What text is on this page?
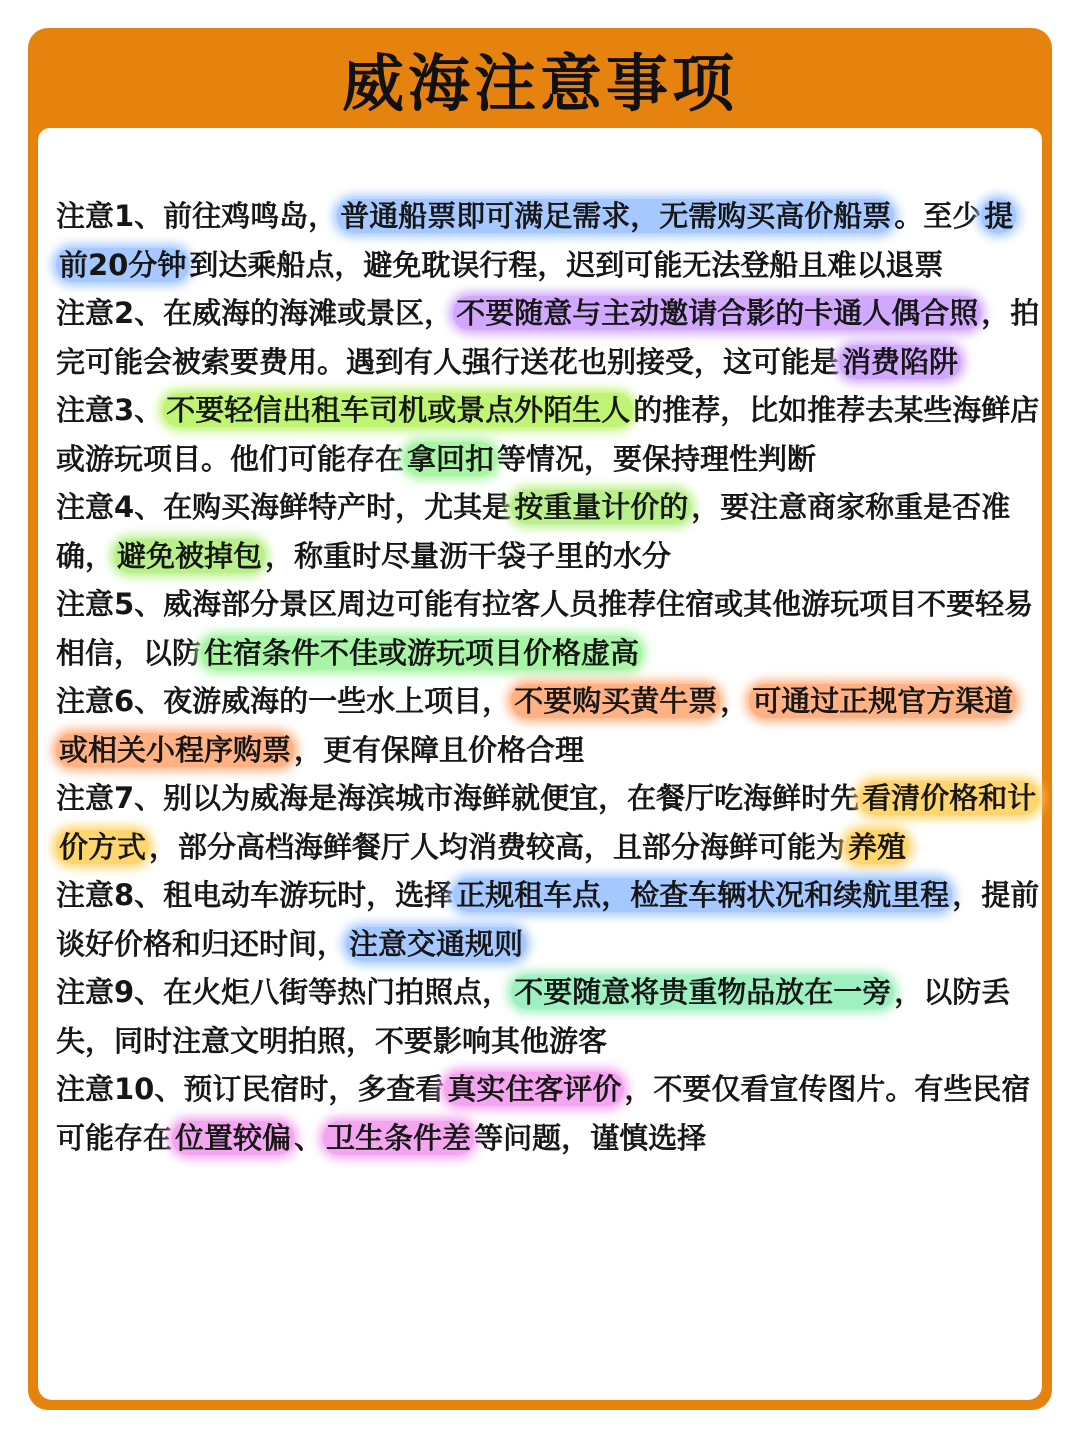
威海注意事项

注意1、前往鸡鸣岛， 普通船票即可满足需求，无需购买高价船票 。至少 提前20分钟 到达乘船点，避免耽误行程，迟到可能无法登船且难以退票

注意2、在威海的海滩或景区， 不要随意与主动邀请合影的卡通人偶合照 ，拍完可能会被索要费用。遇到有人强行送花也别接受，这可能是 消费陷阱

注意3、 不要轻信出租车司机或景点外陌生人 的推荐，比如推荐去某些海鲜店或游玩项目。他们可能存在 拿回扣 等情况，要保持理性判断

注意4、在购买海鲜特产时，尤其是 按重量计价的 ，要注意商家称重是否准确， 避免被掉包 ，称重时尽量沥干袋子里的水分

注意5、威海部分景区周边可能有拉客人员推荐住宿或其他游玩项目不要轻易相信，以防 住宿条件不佳或游玩项目价格虚高

注意6、夜游威海的一些水上项目， 不要购买黄牛票 ， 可通过正规官方渠道或相关小程序购票 ，更有保障且价格合理

注意7、别以为威海是海滨城市海鲜就便宜，在餐厅吃海鲜时先 看清价格和计价方式 ，部分高档海鲜餐厅人均消费较高，且部分海鲜可能为 养殖

注意8、租电动车游玩时，选择 正规租车点，检查车辆状况和续航里程 ，提前谈好价格和归还时间， 注意交通规则

注意9、在火炬八街等热门拍照点， 不要随意将贵重物品放在一旁 ，以防丢失，同时注意文明拍照，不要影响其他游客

注意10、预订民宿时，多查看 真实住客评价 ，不要仅看宣传图片。有些民宿可能存在 位置较偏 、 卫生条件差 等问题，谨慎选择
